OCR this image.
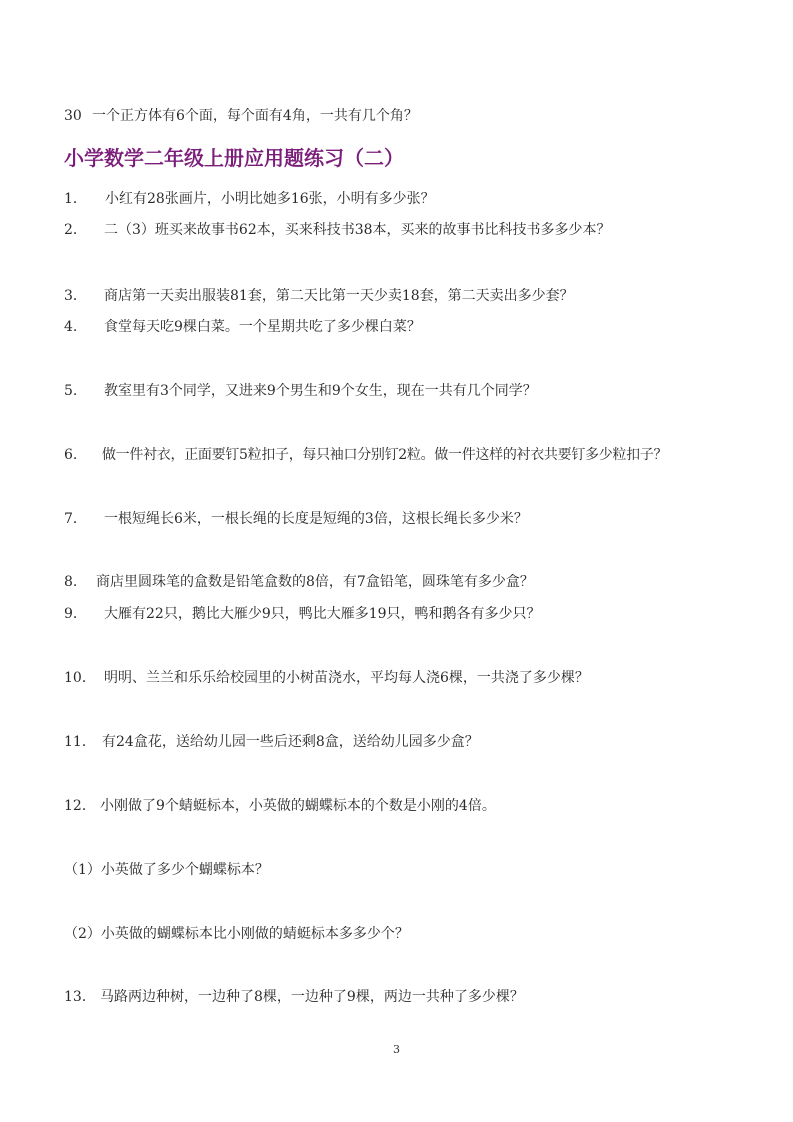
30 一个正方体有6个面，每个面有4角，一共有几个角？
小学数学二年级上册应用题练习（二）
1． 小红有28张画片，小明比她多16张，小明有多少张？
2． 二（3）班买来故事书62本，买来科技书38本，买来的故事书比科技书多多少本？
3． 商店第一天卖出服装81套，第二天比第一天少卖18套，第二天卖出多少套？
4. 食堂每天吃9棵白菜。一个星期共吃了多少棵白菜？
5. 教室里有3个同学，又进来9个男生和9个女生，现在一共有几个同学？
6. 做一件衬衣，正面要钉5粒扣子，每只袖口分别钉2粒。做一件这样的衬衣共要钉多少粒扣子？
7． 一根短绳长6米，一根长绳的长度是短绳的3倍，这根长绳长多少米？
8. 商店里圆珠笔的盒数是铅笔盒数的8倍，有7盒铅笔，圆珠笔有多少盒？
9． 大雁有22只，鹅比大雁少9只，鸭比大雁多19只，鸭和鹅各有多少只？
10． 明明、兰兰和乐乐给校园里的小树苗浇水，平均每人浇6棵，一共浇了多少棵？
11． 有24盒花，送给幼儿园一些后还剩8盒，送给幼儿园多少盒？
12． 小刚做了9个蜻蜓标本，小英做的蝴蝶标本的个数是小刚的4倍。
（1）小英做了多少个蝴蝶标本？
（2）小英做的蝴蝶标本比小刚做的蜻蜓标本多多少个？
13． 马路两边种树，一边种了8棵，一边种了9棵，两边一共种了多少棵？
3
